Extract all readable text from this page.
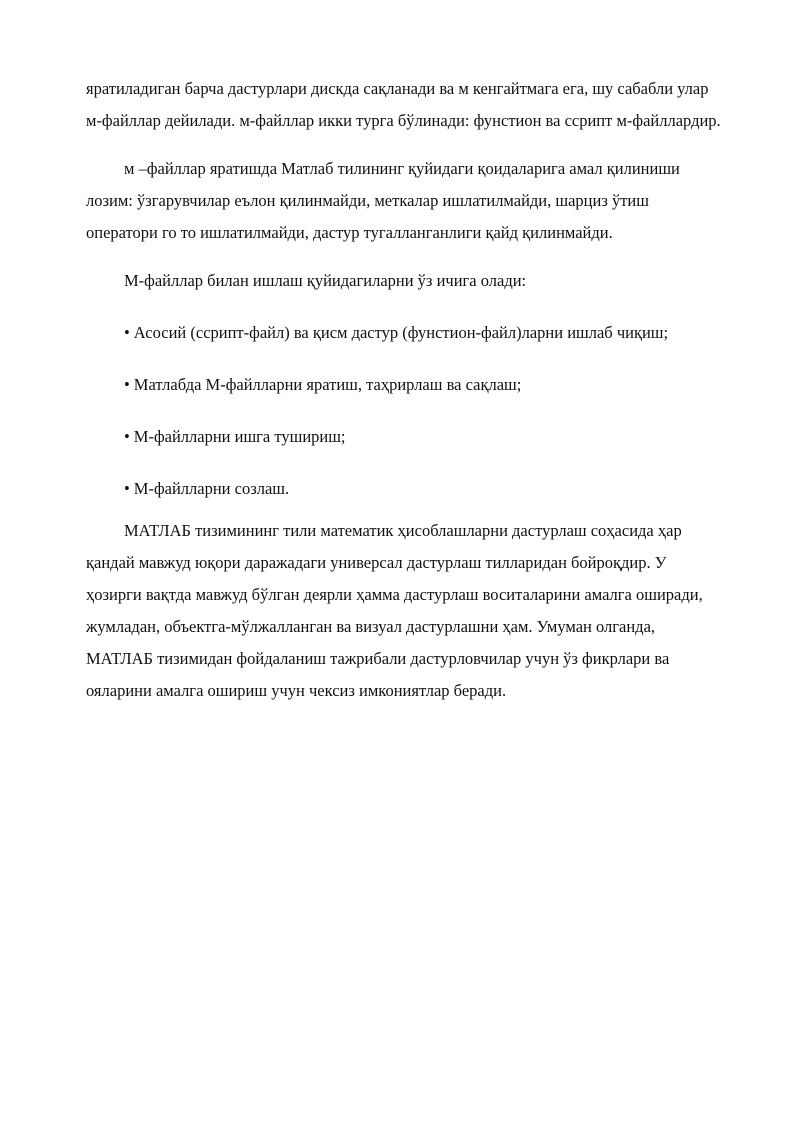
яратиладиган барча дастурлари дискда сақланади ва м кенгайтмага ега, шу сабабли улар м-файллар дейилади. м-файллар икки турга бўлинади: фунстион ва ссрипт м-файллардир.

м –файллар яратишда Матлаб тилининг қуйидаги қоидаларига амал қилиниши лозим: ўзгарувчилар еълон қилинмайди, меткалар ишлатилмайди, шарциз ўтиш оператори го то ишлатилмайди, дастур тугалланганлиги қайд қилинмайди.

М-файллар билан ишлаш қуйидагиларни ўз ичига олади:

• Асосий (ссрипт-файл) ва қисм дастур (фунстион-файл)ларни ишлаб чиқиш;

• Матлабда М-файлларни яратиш, таҳрирлаш ва сақлаш;

• М-файлларни ишга тушириш;

• М-файлларни созлаш.

МАТЛАБ тизимининг тили математик ҳисоблашларни дастурлаш соҳасида ҳар қандай мавжуд юқори даражадаги универсал дастурлаш тилларидан бойроқдир. У ҳозирги вақтда мавжуд бўлган деярли ҳамма дастурлаш воситаларини амалга оширади, жумладан, объектга-мўлжалланган ва визуал дастурлашни ҳам. Умуман олганда, МАТЛАБ тизимидан фойдаланиш тажрибали дастурловчилар учун ўз фикрлари ва ояларини амалга ошириш учун чексиз имкониятлар беради.
